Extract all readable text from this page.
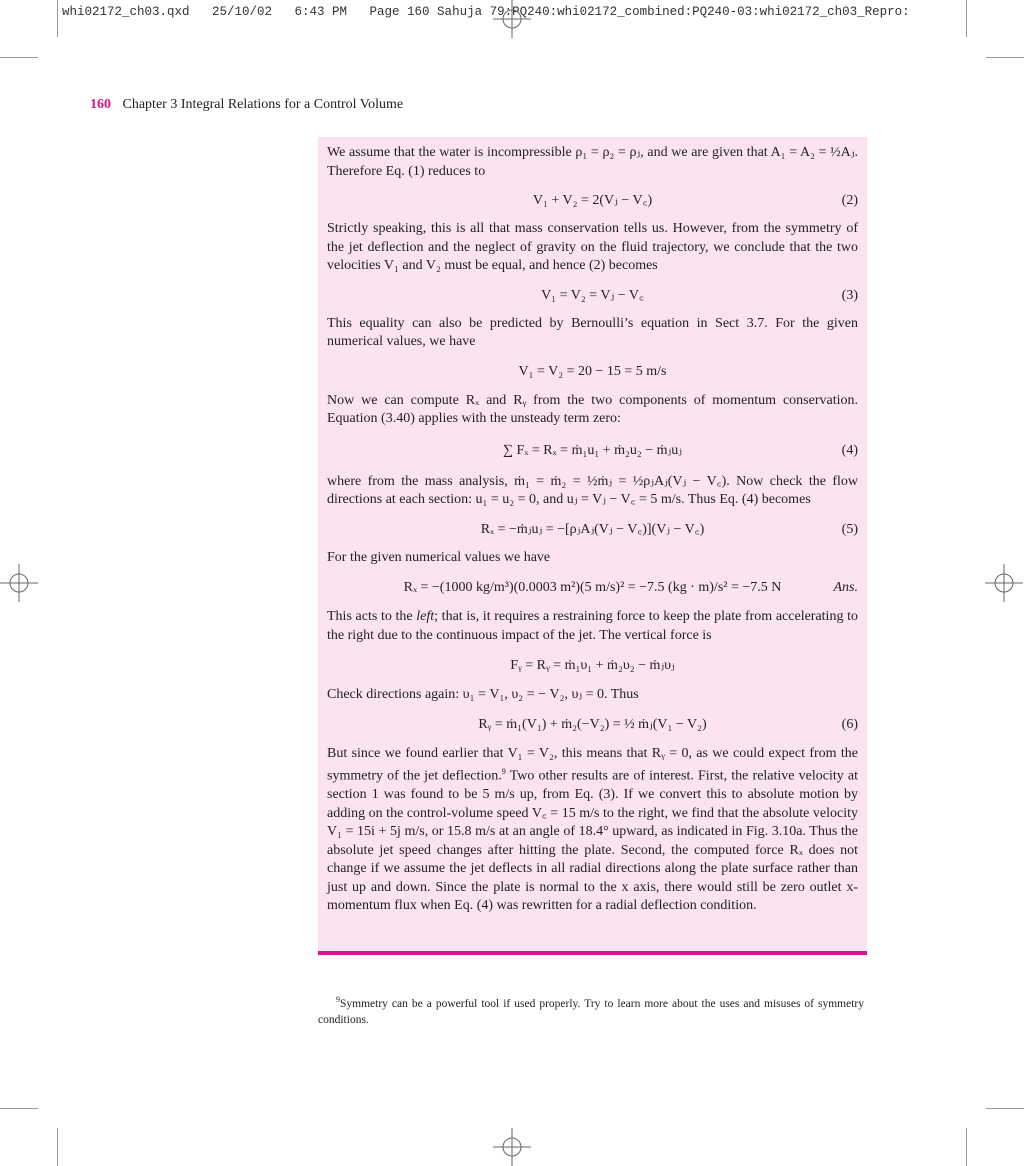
whi02172_ch03.qxd   25/10/02   6:43 PM   Page 160 Sahuja 79:PQ240:whi02172_combined:PQ240-03:whi02172_ch03_Repro:
160 Chapter 3 Integral Relations for a Control Volume

We assume that the water is incompressible ρ₁ = ρ₂ = ρⱼ, and we are given that A₁ = A₂ = ½Aⱼ. Therefore Eq. (1) reduces to

V₁ + V₂ = 2(Vⱼ − V꜀)	(2)

Strictly speaking, this is all that mass conservation tells us. However, from the symmetry of the jet deflection and the neglect of gravity on the fluid trajectory, we conclude that the two velocities V₁ and V₂ must be equal, and hence (2) becomes

V₁ = V₂ = Vⱼ − V꜀	(3)

This equality can also be predicted by Bernoulli’s equation in Sect 3.7. For the given numerical values, we have

V₁ = V₂ = 20 − 15 = 5 m/s

Now we can compute Rₓ and Rᵧ from the two components of momentum conservation. Equation (3.40) applies with the unsteady term zero:

∑ Fₓ = Rₓ = ṁ₁u₁ + ṁ₂u₂ − ṁⱼuⱼ	(4)

where from the mass analysis, ṁ₁ = ṁ₂ = ½ṁⱼ = ½ρⱼAⱼ(Vⱼ − V꜀). Now check the flow directions at each section: u₁ = u₂ = 0, and uⱼ = Vⱼ − V꜀ = 5 m/s. Thus Eq. (4) becomes

Rₓ = −ṁⱼuⱼ = −[ρⱼAⱼ(Vⱼ − V꜀)](Vⱼ − V꜀)	(5)

For the given numerical values we have

Rₓ = −(1000 kg/m³)(0.0003 m²)(5 m/s)² = −7.5 (kg · m)/s² = −7.5 N	Ans.

This acts to the left; that is, it requires a restraining force to keep the plate from accelerating to the right due to the continuous impact of the jet. The vertical force is

Fᵧ = Rᵧ = ṁ₁υ₁ + ṁ₂υ₂ − ṁⱼυⱼ

Check directions again: υ₁ = V₁, υ₂ = − V₂, υⱼ = 0. Thus

Rᵧ = ṁ₁(V₁) + ṁ₂(−V₂) = ½ ṁⱼ(V₁ − V₂)	(6)

But since we found earlier that V₁ = V₂, this means that Rᵧ = 0, as we could expect from the symmetry of the jet deflection.$^9$ Two other results are of interest. First, the relative velocity at section 1 was found to be 5 m/s up, from Eq. (3). If we convert this to absolute motion by adding on the control-volume speed V꜀ = 15 m/s to the right, we find that the absolute velocity V₁ = 15i + 5j m/s, or 15.8 m/s at an angle of 18.4° upward, as indicated in Fig. 3.10a. Thus the absolute jet speed changes after hitting the plate. Second, the computed force Rₓ does not change if we assume the jet deflects in all radial directions along the plate surface rather than just up and down. Since the plate is normal to the x axis, there would still be zero outlet x-momentum flux when Eq. (4) was rewritten for a radial deflection condition.

$^9$Symmetry can be a powerful tool if used properly. Try to learn more about the uses and misuses of symmetry conditions.
